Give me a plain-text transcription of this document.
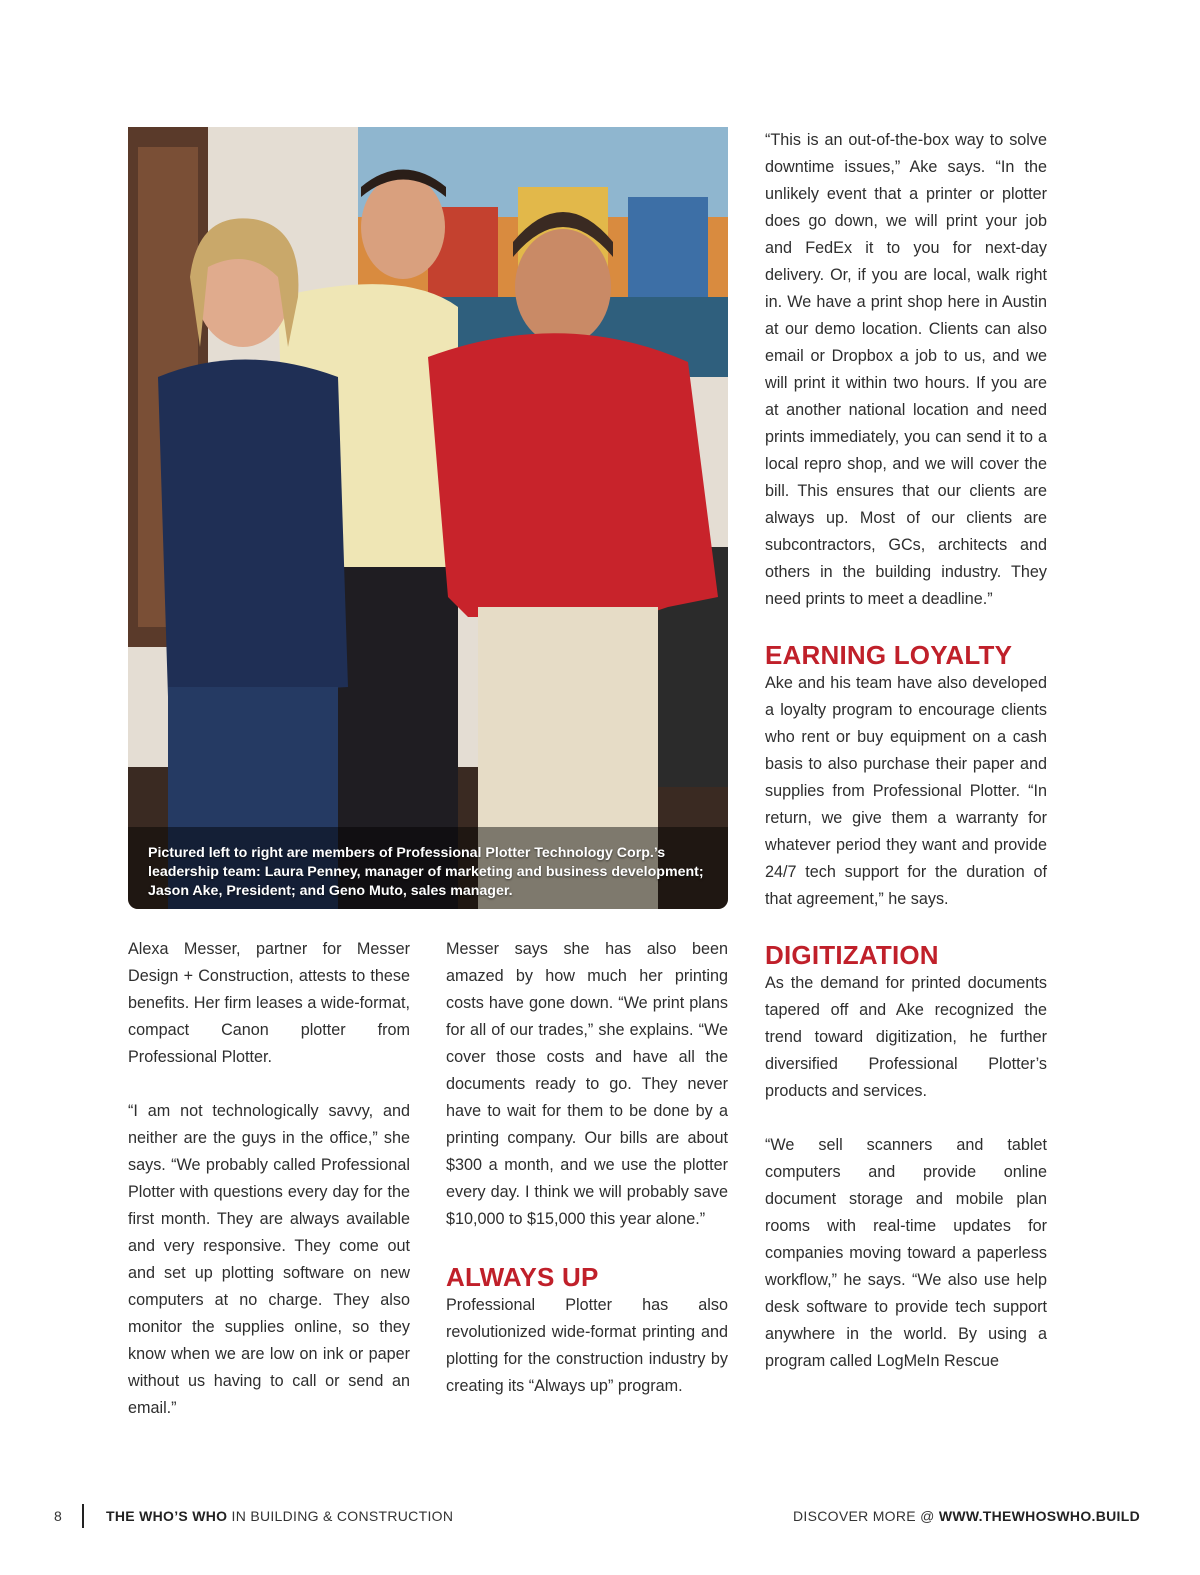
Pictured left to right are members of Professional Plotter Technology Corp.’s leadership team: Laura Penney, manager of marketing and business development; Jason Ake, President; and Geno Muto, sales manager.

Alexa Messer, partner for Messer Design + Construction, attests to these benefits. Her firm leases a wide-format, compact Canon plotter from Professional Plotter.

“I am not technologically savvy, and neither are the guys in the office,” she says. “We probably called Professional Plotter with questions every day for the first month. They are always available and very responsive. They come out and set up plotting software on new computers at no charge. They also monitor the supplies online, so they know when we are low on ink or paper without us having to call or send an email.”

Messer says she has also been amazed by how much her printing costs have gone down. “We print plans for all of our trades,” she explains. “We cover those costs and have all the documents ready to go. They never have to wait for them to be done by a printing company. Our bills are about $300 a month, and we use the plotter every day. I think we will probably save $10,000 to $15,000 this year alone.”

ALWAYS UP

Professional Plotter has also revolutionized wide-format printing and plotting for the construction industry by creating its “Always up” program.

“This is an out-of-the-box way to solve downtime issues,” Ake says. “In the unlikely event that a printer or plotter does go down, we will print your job and FedEx it to you for next-day delivery. Or, if you are local, walk right in. We have a print shop here in Austin at our demo location. Clients can also email or Dropbox a job to us, and we will print it within two hours. If you are at another national location and need prints immediately, you can send it to a local repro shop, and we will cover the bill. This ensures that our clients are always up. Most of our clients are subcontractors, GCs, architects and others in the building industry. They need prints to meet a deadline.”

EARNING LOYALTY

Ake and his team have also developed a loyalty program to encourage clients who rent or buy equipment on a cash basis to also purchase their paper and supplies from Professional Plotter. “In return, we give them a warranty for whatever period they want and provide 24/7 tech support for the duration of that agreement,” he says.

DIGITIZATION

As the demand for printed documents tapered off and Ake recognized the trend toward digitization, he further diversified Professional Plotter’s products and services.

“We sell scanners and tablet computers and provide online document storage and mobile plan rooms with real-time updates for companies moving toward a paperless workflow,” he says. “We also use help desk software to provide tech support anywhere in the world. By using a program called LogMeIn Rescue

8	THE WHO’S WHO IN BUILDING & CONSTRUCTION	DISCOVER MORE @ WWW.THEWHOSWHO.BUILD
